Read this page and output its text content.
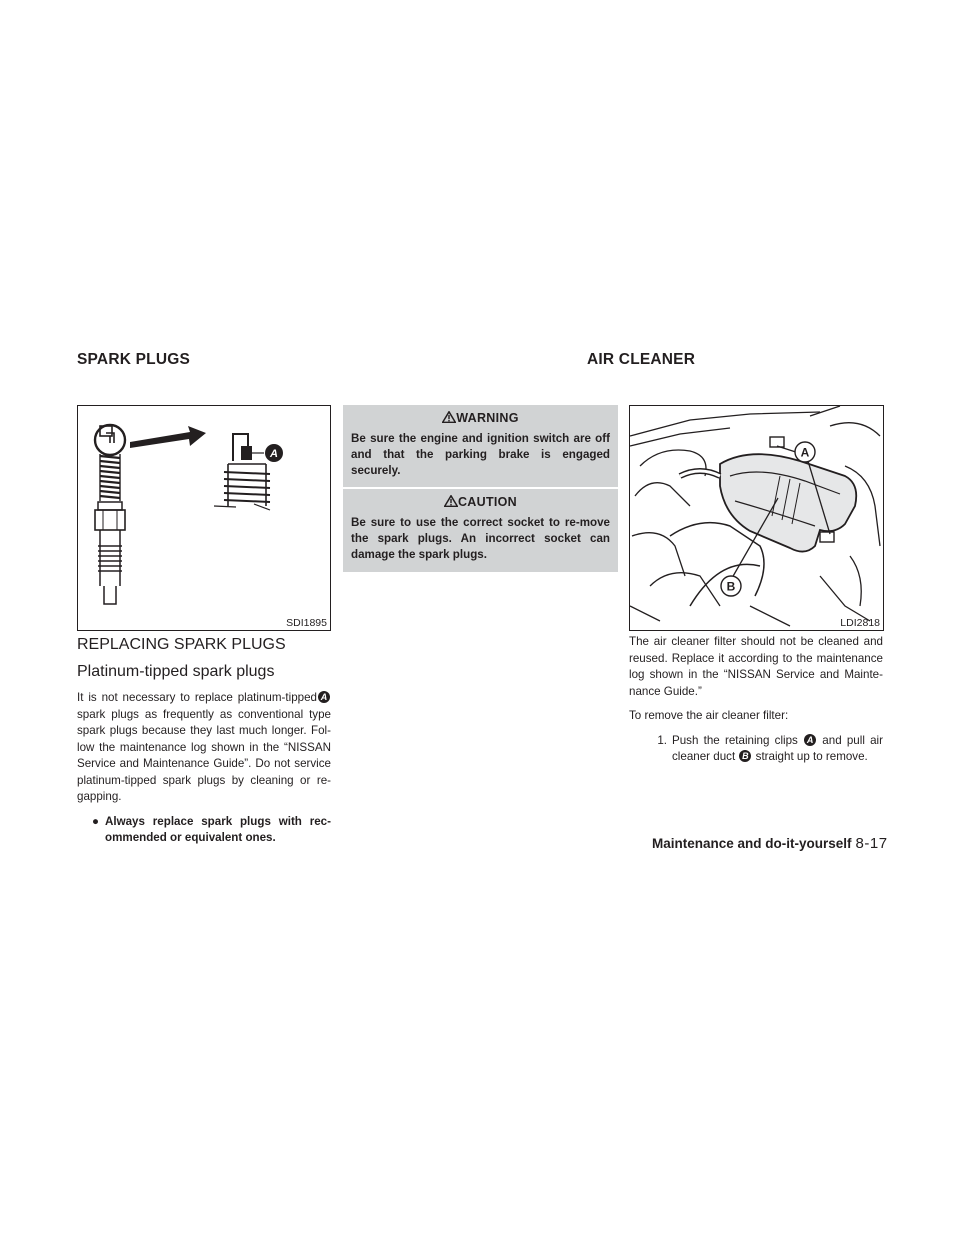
SPARK PLUGS	AIR CLEANER
A
SDI1895
REPLACING SPARK PLUGS
Platinum-tipped spark plugs

It is not necessary to replace platinum-tipped A spark plugs as frequently as conventional type spark plugs because they last much longer. Fol-low the maintenance log shown in the “NISSAN Service and Maintenance Guide”. Do not service platinum-tipped spark plugs by cleaning or re-gapping.

● Always replace spark plugs with rec-ommended or equivalent ones.
WARNING
Be sure the engine and ignition switch are off and that the parking brake is engaged securely.
CAUTION
Be sure to use the correct socket to re-move the spark plugs. An incorrect socket can damage the spark plugs.
A
B
LDI2818

The air cleaner filter should not be cleaned and reused. Replace it according to the maintenance log shown in the “NISSAN Service and Mainte-nance Guide.”

To remove the air cleaner filter:

1. Push the retaining clips A and pull air cleaner duct B straight up to remove.
Maintenance and do-it-yourself 8-17
